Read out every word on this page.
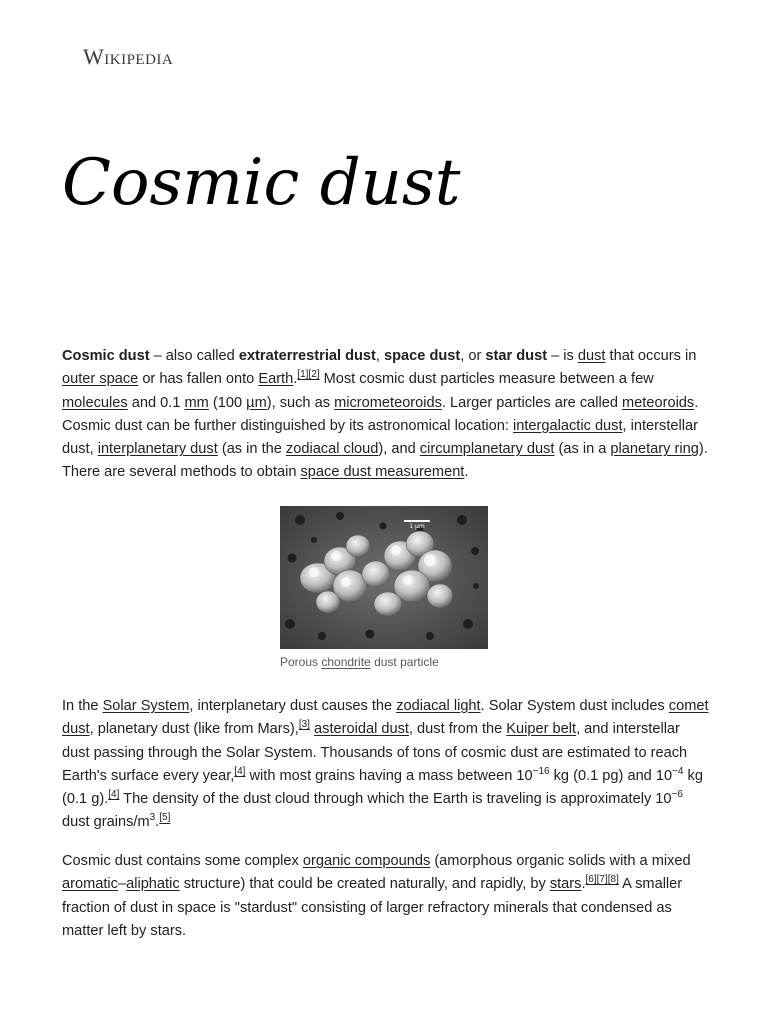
Wikipedia
Cosmic dust

Cosmic dust – also called extraterrestrial dust, space dust, or star dust – is dust that occurs in outer space or has fallen onto Earth.[1][2] Most cosmic dust particles measure between a few molecules and 0.1 mm (100 µm), such as micrometeoroids. Larger particles are called meteoroids. Cosmic dust can be further distinguished by its astronomical location: intergalactic dust, interstellar dust, interplanetary dust (as in the zodiacal cloud), and circumplanetary dust (as in a planetary ring). There are several methods to obtain space dust measurement.

1 µm
Porous chondrite dust particle

In the Solar System, interplanetary dust causes the zodiacal light. Solar System dust includes comet dust, planetary dust (like from Mars),[3] asteroidal dust, dust from the Kuiper belt, and interstellar dust passing through the Solar System. Thousands of tons of cosmic dust are estimated to reach Earth's surface every year,[4] with most grains having a mass between $10^{-16}$ kg (0.1 pg) and $10^{-4}$ kg (0.1 g).[4] The density of the dust cloud through which the Earth is traveling is approximately $10^{-6}$ dust grains/$m^3.[5]$

Cosmic dust contains some complex organic compounds (amorphous organic solids with a mixed aromatic–aliphatic structure) that could be created naturally, and rapidly, by stars.[6][7][8] A smaller fraction of dust in space is "stardust" consisting of larger refractory minerals that condensed as matter left by stars.
